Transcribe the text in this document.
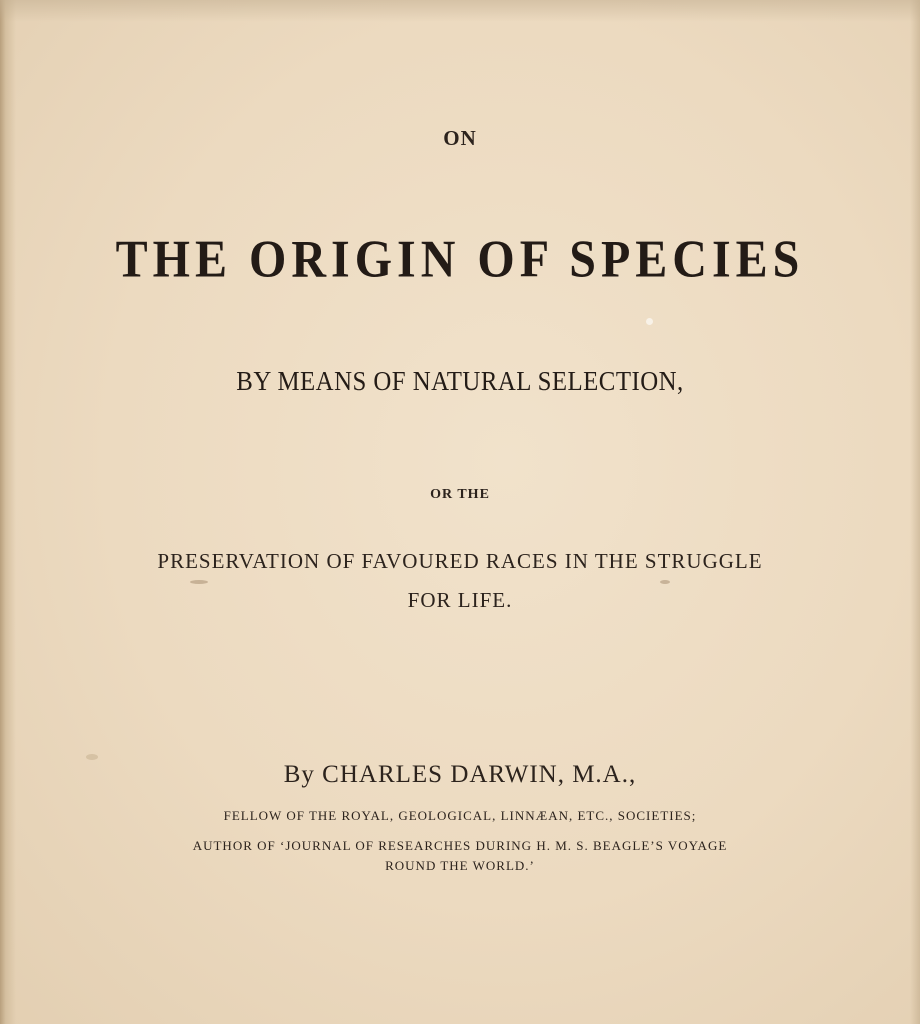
ON
THE ORIGIN OF SPECIES
BY MEANS OF NATURAL SELECTION,
OR THE
PRESERVATION OF FAVOURED RACES IN THE STRUGGLE
FOR LIFE.
By CHARLES DARWIN, M.A.,
FELLOW OF THE ROYAL, GEOLOGICAL, LINNÆAN, ETC., SOCIETIES;
AUTHOR OF ‘JOURNAL OF RESEARCHES DURING H. M. S. BEAGLE’S VOYAGE
ROUND THE WORLD.’
